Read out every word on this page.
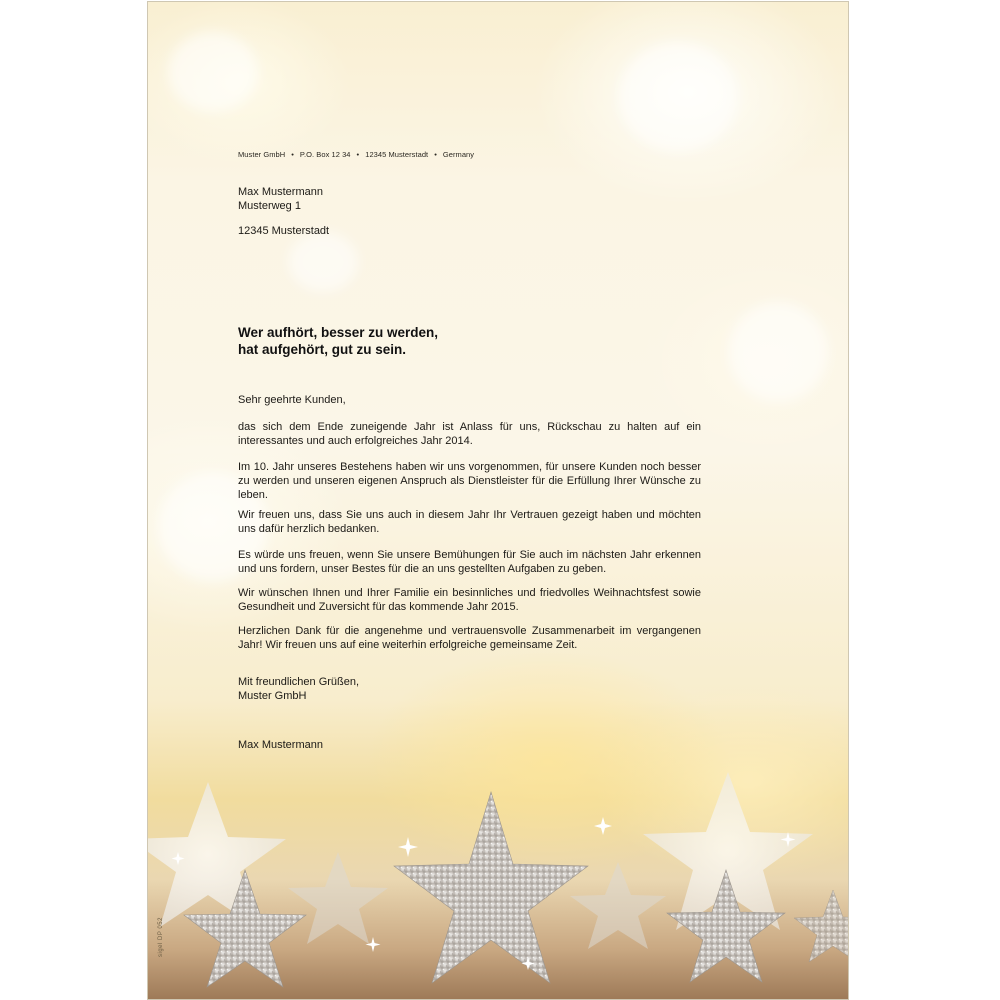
Muster GmbH • P.O. Box 12 34 • 12345 Musterstadt • Germany
Max Mustermann
Musterweg 1
12345 Musterstadt
Wer aufhört, besser zu werden,
hat aufgehört, gut zu sein.
Sehr geehrte Kunden,
das sich dem Ende zuneigende Jahr ist Anlass für uns, Rückschau zu halten auf ein interessantes und auch erfolgreiches Jahr 2014.
Im 10. Jahr unseres Bestehens haben wir uns vorgenommen, für unsere Kunden noch besser zu werden und unseren eigenen Anspruch als Dienstleister für die Erfüllung Ihrer Wünsche zu leben.
Wir freuen uns, dass Sie uns auch in diesem Jahr Ihr Vertrauen gezeigt haben und möchten uns dafür herzlich bedanken.
Es würde uns freuen, wenn Sie unsere Bemühungen für Sie auch im nächsten Jahr erkennen und uns fordern, unser Bestes für die an uns gestellten Aufgaben zu geben.
Wir wünschen Ihnen und Ihrer Familie ein besinnliches und friedvolles Weihnachtsfest sowie Gesundheit und Zuversicht für das kommende Jahr 2015.
Herzlichen Dank für die angenehme und vertrauensvolle Zusammenarbeit im vergangenen Jahr! Wir freuen uns auf eine weiterhin erfolgreiche gemeinsame Zeit.
Mit freundlichen Grüßen,
Muster GmbH
Max Mustermann
sigel DP 052
